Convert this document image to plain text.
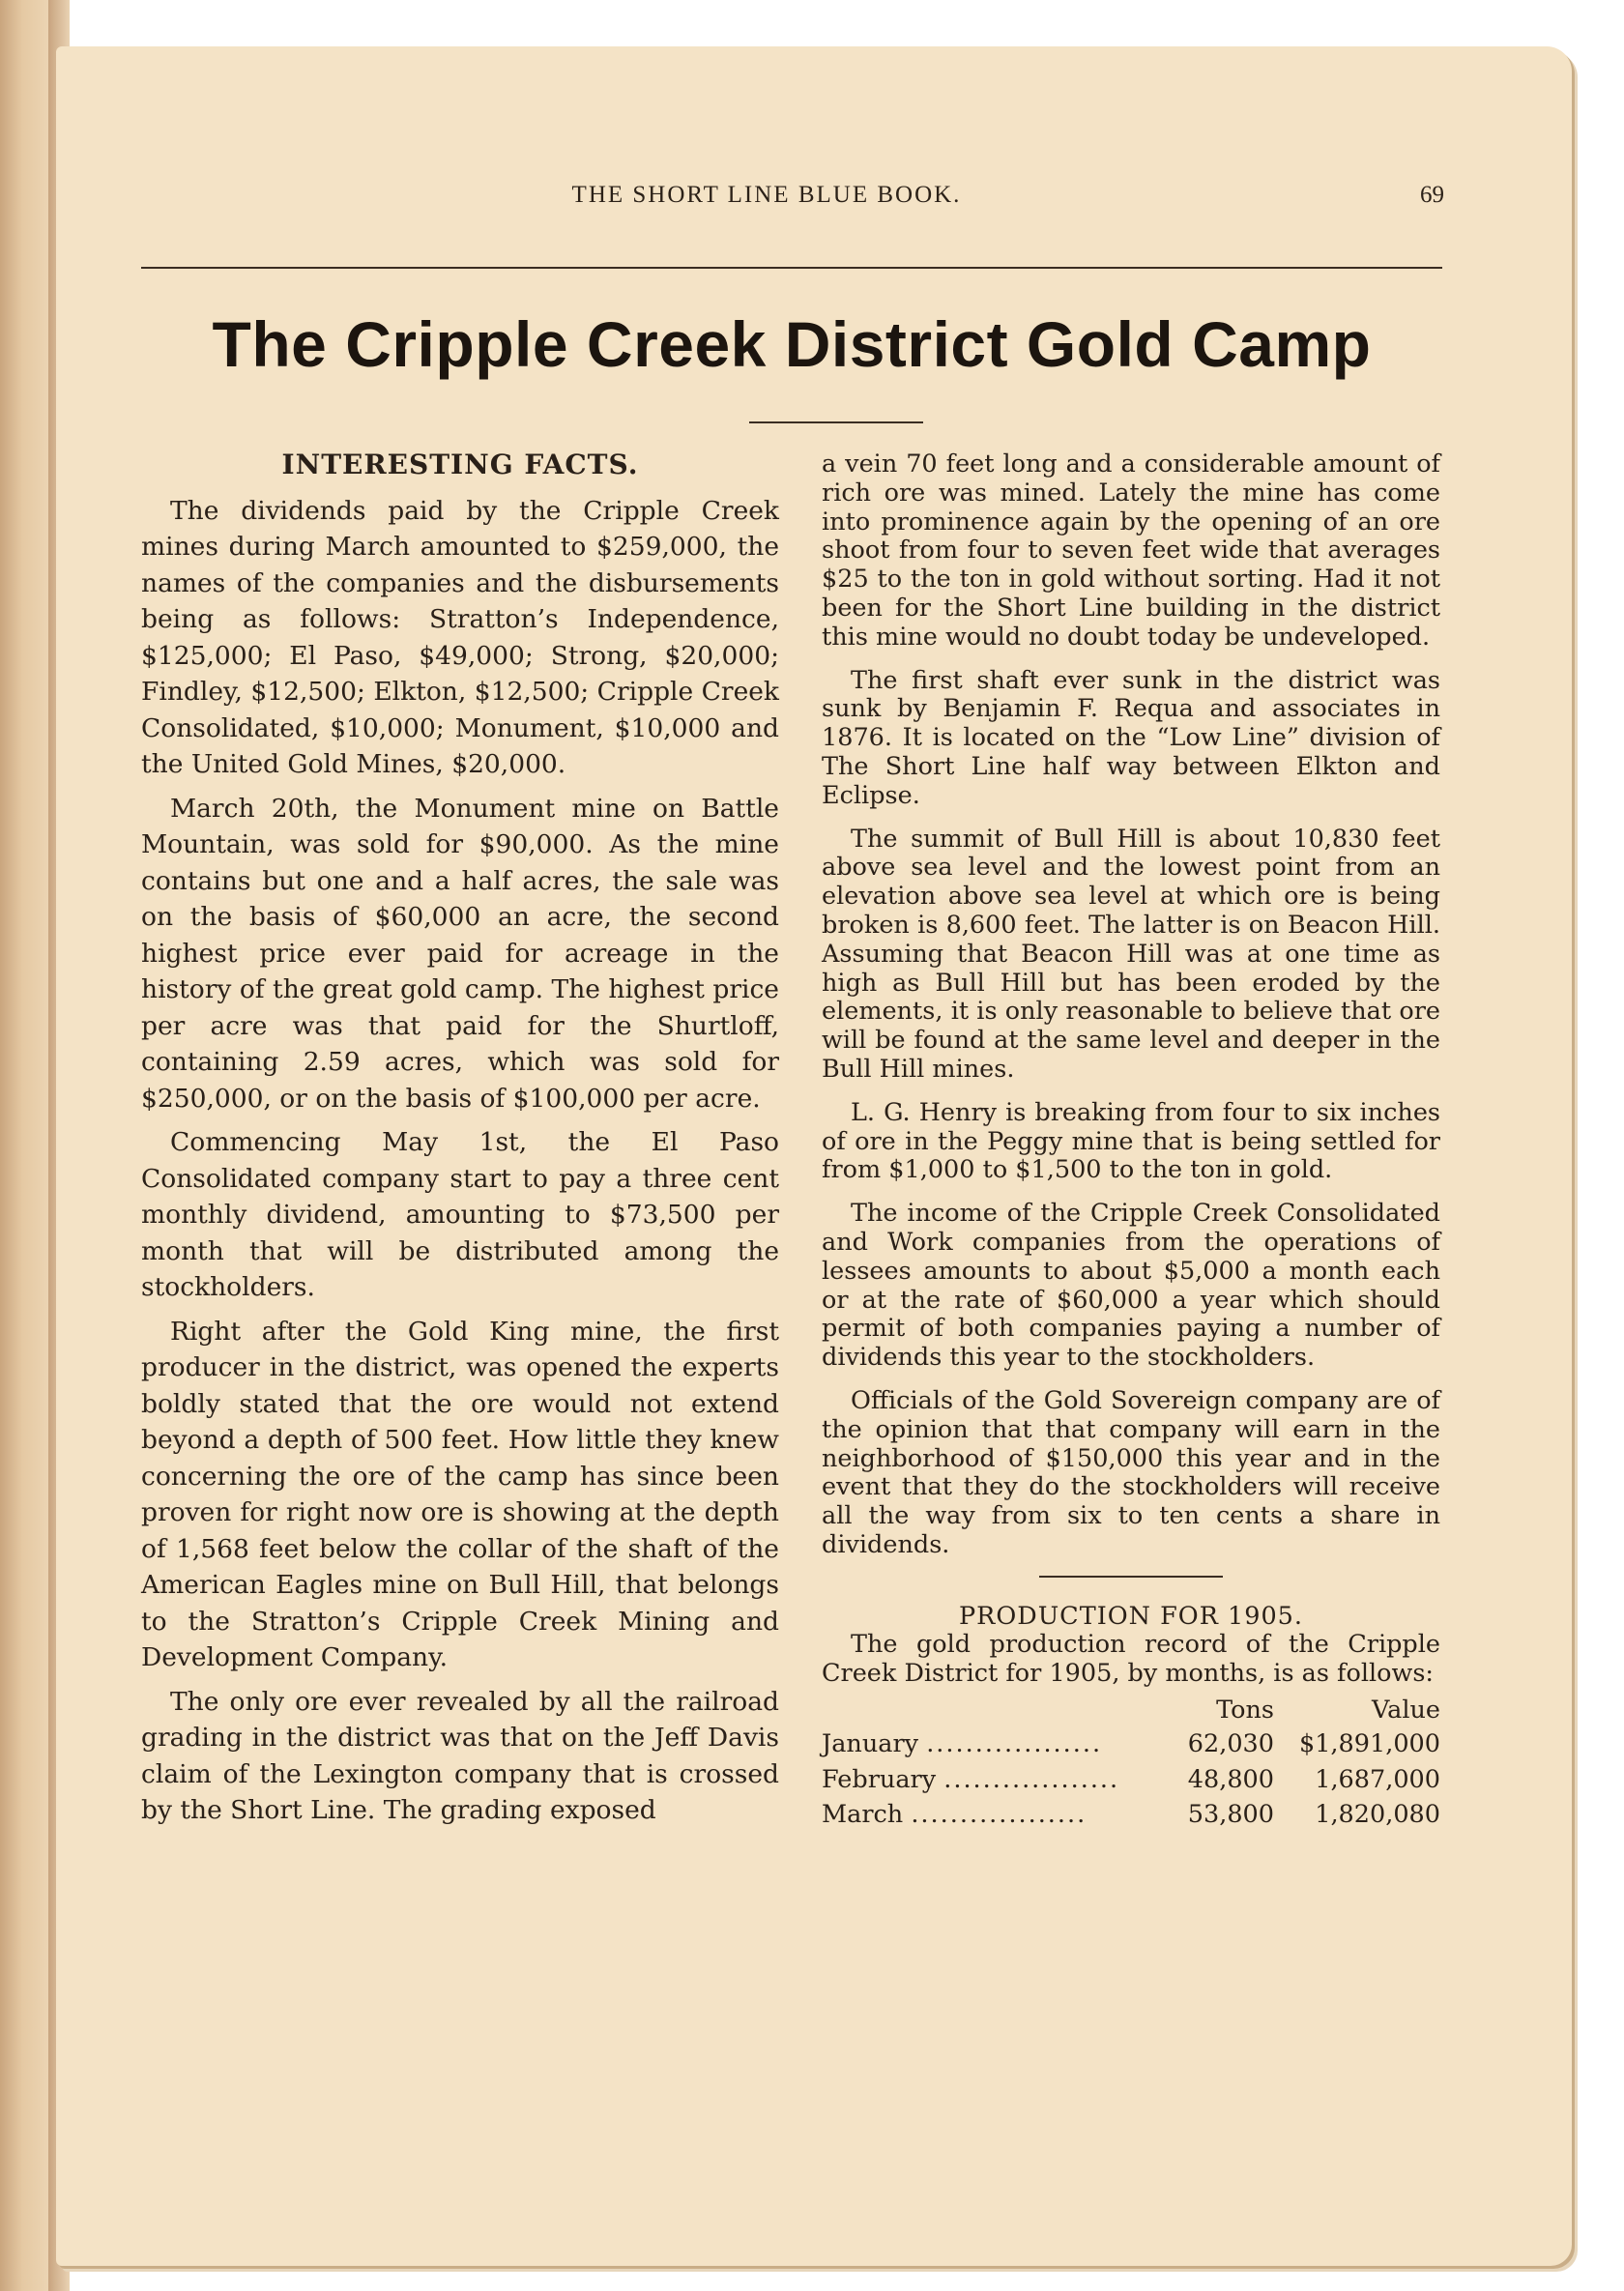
THE SHORT LINE BLUE BOOK.	69
The Cripple Creek District Gold Camp
INTERESTING FACTS.

The dividends paid by the Cripple Creek mines during March amounted to $259,000, the names of the companies and the disbursements being as follows: Stratton’s Independence, $125,000; El Paso, $49,000; Strong, $20,000; Findley, $12,500; Elkton, $12,500; Cripple Creek Consolidated, $10,000; Monument, $10,000 and the United Gold Mines, $20,000.

March 20th, the Monument mine on Battle Mountain, was sold for $90,000. As the mine contains but one and a half acres, the sale was on the basis of $60,000 an acre, the second highest price ever paid for acreage in the history of the great gold camp. The highest price per acre was that paid for the Shurtloff, containing 2.59 acres, which was sold for $250,000, or on the basis of $100,000 per acre.

Commencing May 1st, the El Paso Consolidated company start to pay a three cent monthly dividend, amounting to $73,500 per month that will be distributed among the stockholders.

Right after the Gold King mine, the first producer in the district, was opened the experts boldly stated that the ore would not extend beyond a depth of 500 feet. How little they knew concerning the ore of the camp has since been proven for right now ore is showing at the depth of 1,568 feet below the collar of the shaft of the American Eagles mine on Bull Hill, that belongs to the Stratton’s Cripple Creek Mining and Development Company.

The only ore ever revealed by all the railroad grading in the district was that on the Jeff Davis claim of the Lexington company that is crossed by the Short Line. The grading exposed

a vein 70 feet long and a considerable amount of rich ore was mined. Lately the mine has come into prominence again by the opening of an ore shoot from four to seven feet wide that averages $25 to the ton in gold without sorting. Had it not been for the Short Line building in the district this mine would no doubt today be undeveloped.

The first shaft ever sunk in the district was sunk by Benjamin F. Requa and associates in 1876. It is located on the “Low Line” division of The Short Line half way between Elkton and Eclipse.

The summit of Bull Hill is about 10,830 feet above sea level and the lowest point from an elevation above sea level at which ore is being broken is 8,600 feet. The latter is on Beacon Hill. Assuming that Beacon Hill was at one time as high as Bull Hill but has been eroded by the elements, it is only reasonable to believe that ore will be found at the same level and deeper in the Bull Hill mines.

L. G. Henry is breaking from four to six inches of ore in the Peggy mine that is being settled for from $1,000 to $1,500 to the ton in gold.

The income of the Cripple Creek Consolidated and Work companies from the operations of lessees amounts to about $5,000 a month each or at the rate of $60,000 a year which should permit of both companies paying a number of dividends this year to the stockholders.

Officials of the Gold Sovereign company are of the opinion that that company will earn in the neighborhood of $150,000 this year and in the event that they do the stockholders will receive all the way from six to ten cents a share in dividends.

PRODUCTION FOR 1905.
The gold production record of the Cripple Creek District for 1905, by months, is as follows:
	Tons	Value
January ..................	62,030	$1,891,000
February ..................	48,800	1,687,000
March ..................	53,800	1,820,080
